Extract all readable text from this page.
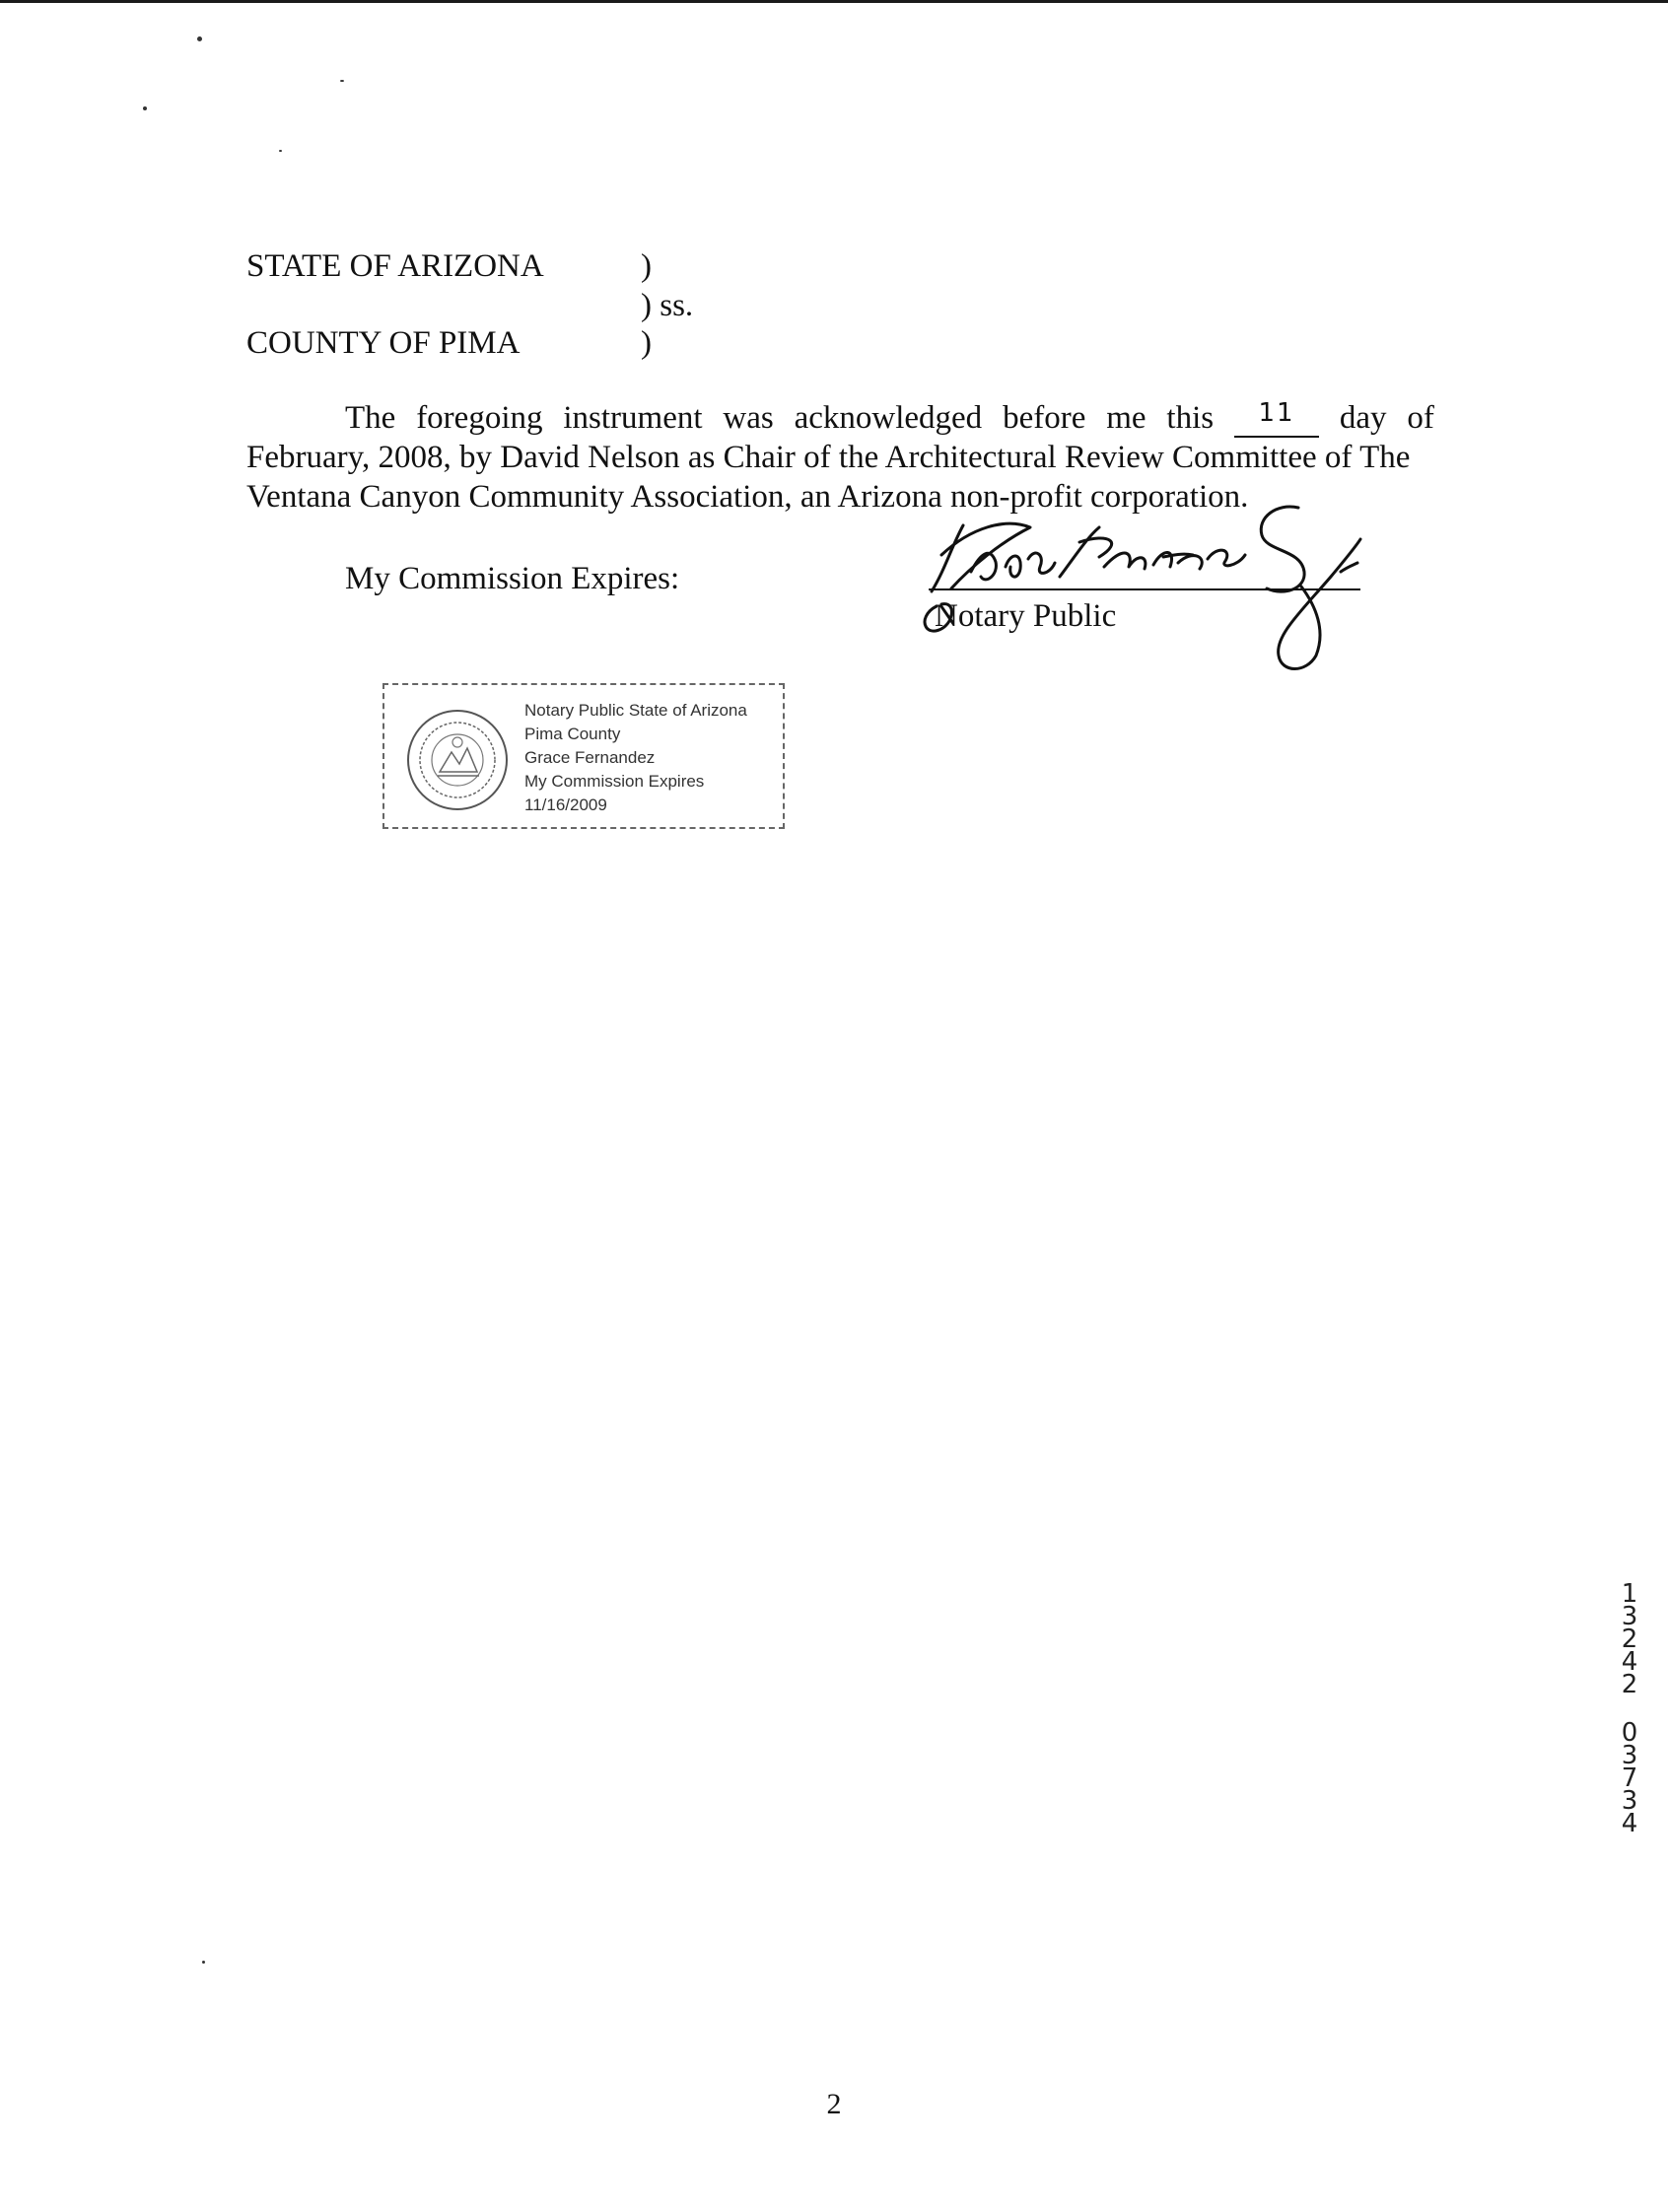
STATE OF ARIZONA	)
) ss.
COUNTY OF PIMA	)
The foregoing instrument was acknowledged before me this	11	day of
February, 2008, by David Nelson as Chair of the Architectural Review Committee of The
Ventana Canyon Community Association, an Arizona non-profit corporation.
My Commission Expires:
Notary Public
Notary Public State of Arizona
Pima County
Grace Fernandez
My Commission Expires
11/16/2009
1
3
2
4
2
0
3
7
3
4
2
